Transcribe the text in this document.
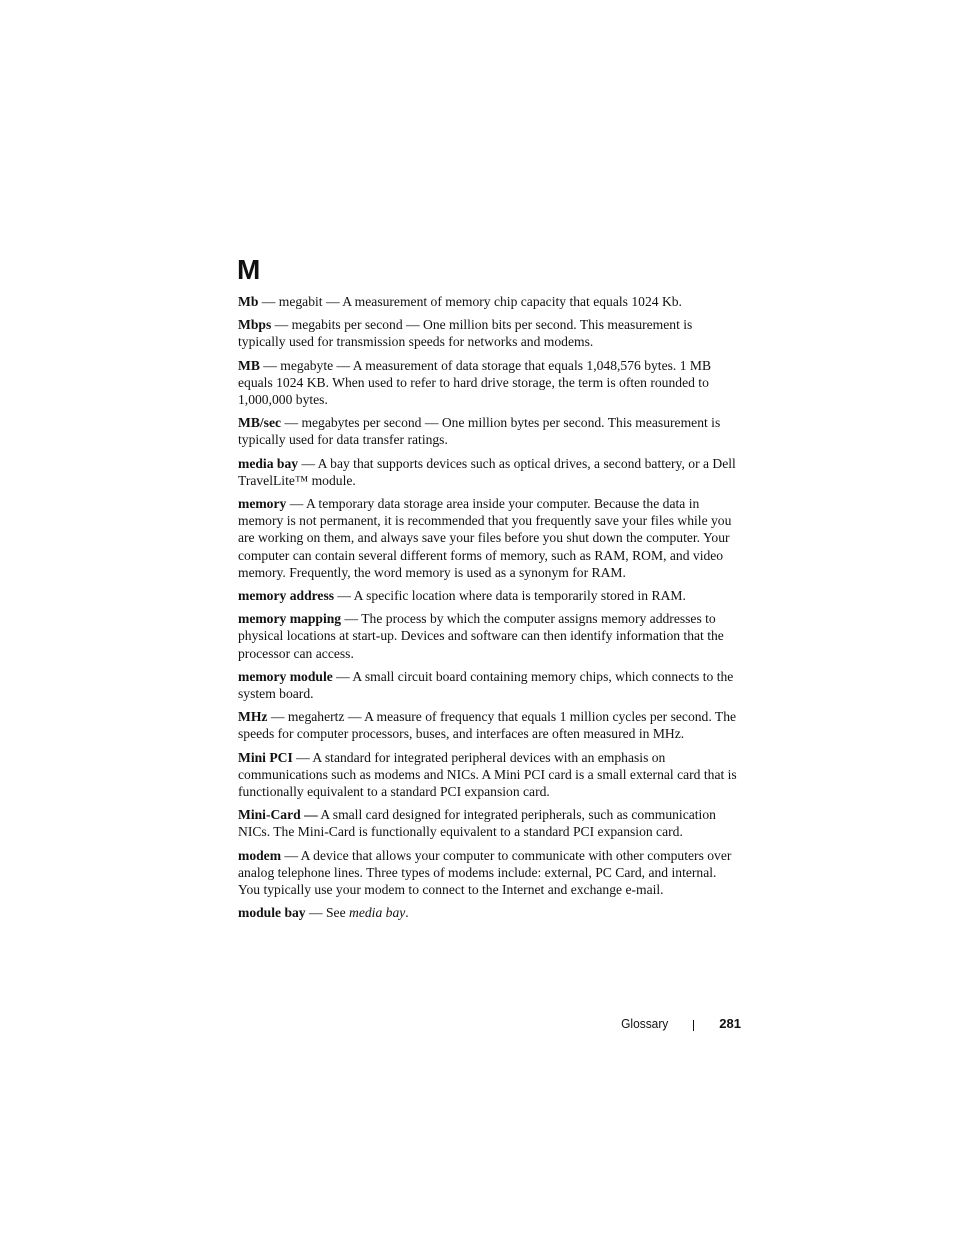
M

Mb — megabit — A measurement of memory chip capacity that equals 1024 Kb.

Mbps — megabits per second — One million bits per second. This measurement is typically used for transmission speeds for networks and modems.

MB — megabyte — A measurement of data storage that equals 1,048,576 bytes. 1 MB equals 1024 KB. When used to refer to hard drive storage, the term is often rounded to 1,000,000 bytes.

MB/sec — megabytes per second — One million bytes per second. This measurement is typically used for data transfer ratings.

media bay — A bay that supports devices such as optical drives, a second battery, or a Dell TravelLite™ module.

memory — A temporary data storage area inside your computer. Because the data in memory is not permanent, it is recommended that you frequently save your files while you are working on them, and always save your files before you shut down the computer. Your computer can contain several different forms of memory, such as RAM, ROM, and video memory. Frequently, the word memory is used as a synonym for RAM.

memory address — A specific location where data is temporarily stored in RAM.

memory mapping — The process by which the computer assigns memory addresses to physical locations at start-up. Devices and software can then identify information that the processor can access.

memory module — A small circuit board containing memory chips, which connects to the system board.

MHz — megahertz — A measure of frequency that equals 1 million cycles per second. The speeds for computer processors, buses, and interfaces are often measured in MHz.

Mini PCI — A standard for integrated peripheral devices with an emphasis on communications such as modems and NICs. A Mini PCI card is a small external card that is functionally equivalent to a standard PCI expansion card.

Mini-Card — A small card designed for integrated peripherals, such as communication NICs. The Mini-Card is functionally equivalent to a standard PCI expansion card.

modem — A device that allows your computer to communicate with other computers over analog telephone lines. Three types of modems include: external, PC Card, and internal. You typically use your modem to connect to the Internet and exchange e-mail.

module bay — See media bay.

Glossary	281
